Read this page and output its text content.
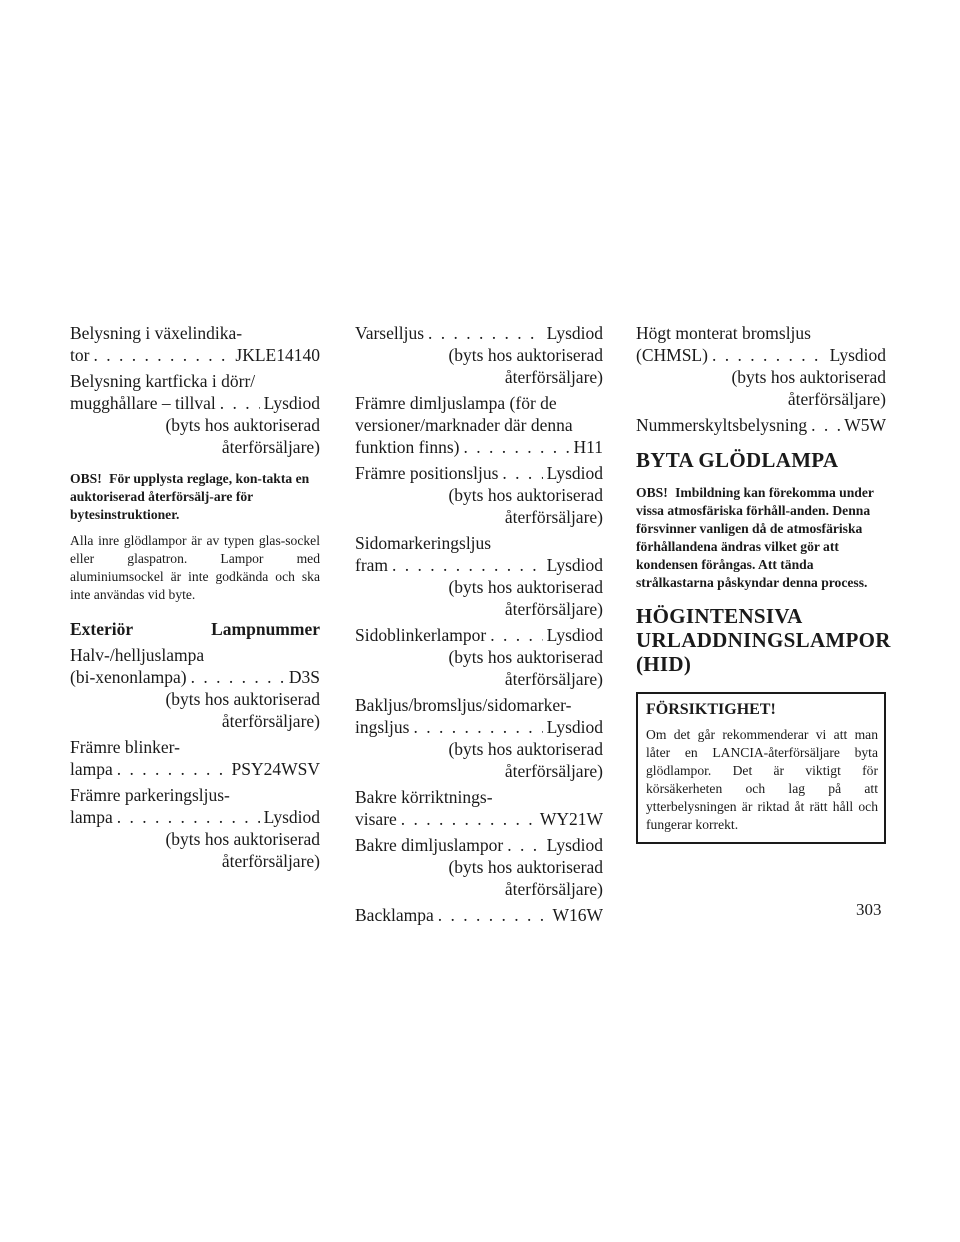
Belysning i växelindika-
tor . . .	JKLE14140
Belysning kartficka i dörr/
mugghållare – tillval . . .	Lysdiod
(byts hos auktoriserad
återförsäljare)
OBS! För upplysta reglage, kon-takta en auktoriserad återförsälj-are för bytesinstruktioner.
Alla inre glödlampor är av typen glas-sockel eller glaspatron. Lampor med aluminiumsockel är inte godkända och ska inte användas vid byte.
Exteriör	Lampnummer
Halv-/helljuslampa
(bi-xenonlampa) . . .	D3S
(byts hos auktoriserad
återförsäljare)
Främre blinker-
lampa . . .	PSY24WSV
Främre parkeringsljus-
lampa . . .	Lysdiod
(byts hos auktoriserad
återförsäljare)
Varselljus . . .	Lysdiod
(byts hos auktoriserad
återförsäljare)
Främre dimljuslampa (för de
versioner/marknader där denna
funktion finns) . . .	H11
Främre positionsljus . . .	Lysdiod
(byts hos auktoriserad
återförsäljare)
Sidomarkeringsljus
fram . . .	Lysdiod
(byts hos auktoriserad
återförsäljare)
Sidoblinkerlampor . . .	Lysdiod
(byts hos auktoriserad
återförsäljare)
Bakljus/bromsljus/sidomarker-
ingsljus . . .	Lysdiod
(byts hos auktoriserad
återförsäljare)
Bakre körriktnings-
visare . . .	WY21W
Bakre dimljuslampor . . . Lysdiod
(byts hos auktoriserad
återförsäljare)
Backlampa . . .	W16W
Högt monterat bromsljus
(CHMSL) . . .	Lysdiod
(byts hos auktoriserad
återförsäljare)
Nummerskyltsbelysning . . . W5W
BYTA GLÖDLAMPA
OBS! Imbildning kan förekomma under vissa atmosfäriska förhåll-anden. Denna försvinner vanligen då de atmosfäriska förhållandena ändras vilket gör att kondensen förångas. Att tända strålkastarna påskyndar denna process.
HÖGINTENSIVA
URLADDNINGSLAMPOR
(HID)
FÖRSIKTIGHET!
Om det går rekommenderar vi att man låter en LANCIA-återförsäljare byta glödlampor. Det är viktigt för körsäkerheten och lag på att ytterbelysningen är riktad åt rätt håll och fungerar korrekt.
303
